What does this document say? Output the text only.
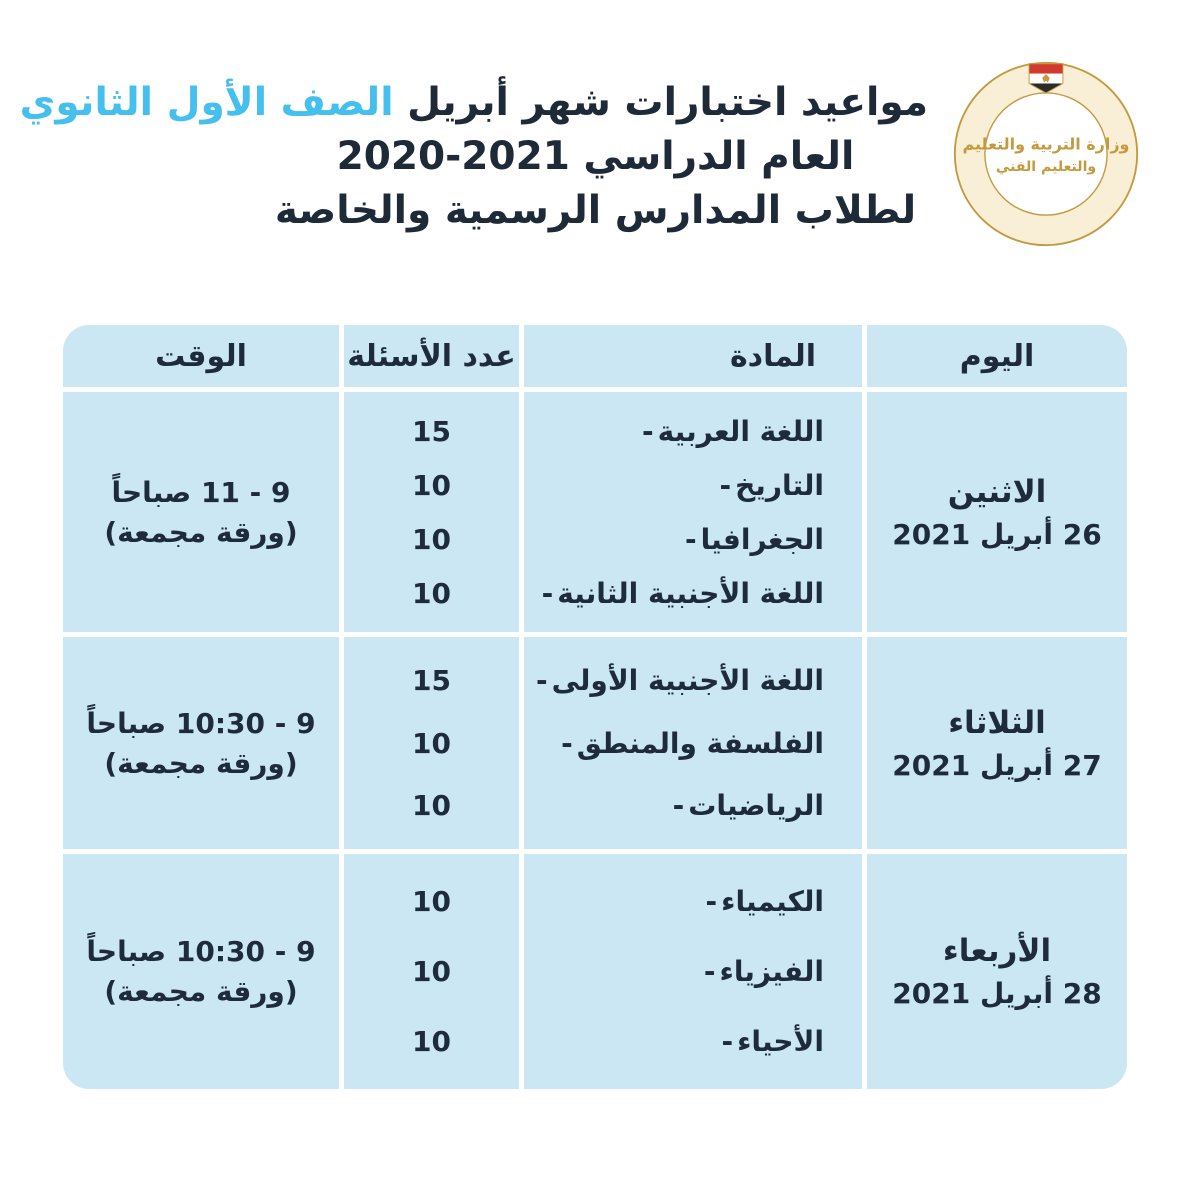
وزارة التربية والتعليم
والتعليم الفني
مواعيد اختبارات شهر أبريل الصف الأول الثانوي
العام الدراسي 2021-2020
لطلاب المدارس الرسمية والخاصة
اليوم
المادة
عدد الأسئلة
الوقت
الاثنين
26 أبريل 2021
اللغة العربية
-
التاريخ
-
الجغرافيا
-
اللغة الأجنبية الثانية
-
15
10
10
10
9 - 11 صباحاً
(ورقة مجمعة)
الثلاثاء
27 أبريل 2021
اللغة الأجنبية الأولى
-
الفلسفة والمنطق
-
الرياضيات
-
15
10
10
9 - 10:30 صباحاً
(ورقة مجمعة)
الأربعاء
28 أبريل 2021
الكيمياء
-
الفيزياء
-
الأحياء
-
10
10
10
9 - 10:30 صباحاً
(ورقة مجمعة)
